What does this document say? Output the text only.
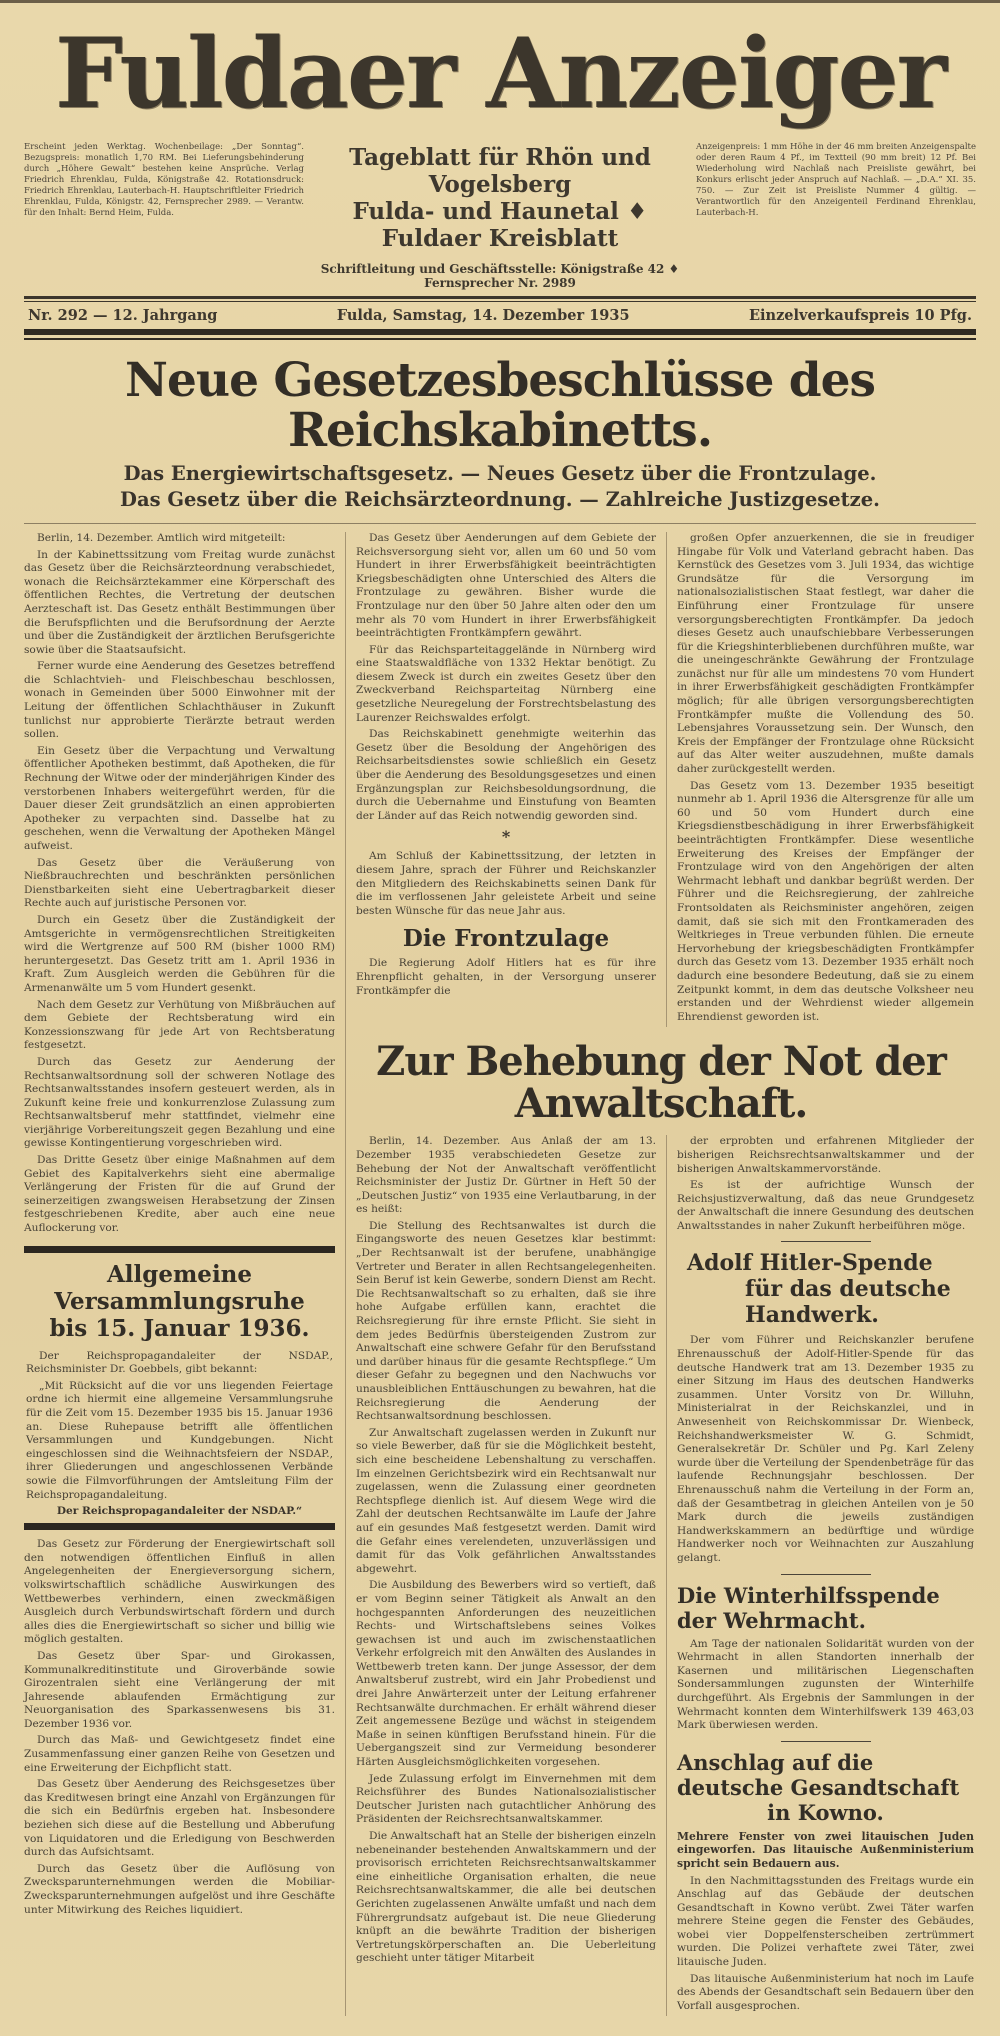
Fuldaer Anzeiger
Erscheint jeden Werktag. Wochenbeilage: „Der Sonntag“. Bezugspreis: monatlich 1,70 RM. Bei Lieferungsbehinderung durch „Höhere Gewalt“ bestehen keine Ansprüche. Verlag Friedrich Ehrenklau, Fulda, Königstraße 42. Rotationsdruck: Friedrich Ehrenklau, Lauterbach-H. Hauptschriftleiter Friedrich Ehrenklau, Fulda, Königstr. 42, Fernsprecher 2989. — Verantw. für den Inhalt: Bernd Heim, Fulda.
Tageblatt für Rhön und Vogelsberg
Fulda- und Haunetal ♦ Fuldaer Kreisblatt
Schriftleitung und Geschäftsstelle: Königstraße 42 ♦ Fernsprecher Nr. 2989
Anzeigenpreis: 1 mm Höhe in der 46 mm breiten Anzeigenspalte oder deren Raum 4 Pf., im Textteil (90 mm breit) 12 Pf. Bei Wiederholung wird Nachlaß nach Preisliste gewährt, bei Konkurs erlischt jeder Anspruch auf Nachlaß. — „D.A.“ XI. 35. 750. — Zur Zeit ist Preisliste Nummer 4 gültig. — Verantwortlich für den Anzeigenteil Ferdinand Ehrenklau, Lauterbach-H.
Nr. 292 — 12. Jahrgang	Fulda, Samstag, 14. Dezember 1935	Einzelverkaufspreis 10 Pfg.
Neue Gesetzesbeschlüsse des Reichskabinetts.
Das Energiewirtschaftsgesetz. — Neues Gesetz über die Frontzulage.
Das Gesetz über die Reichsärzteordnung. — Zahlreiche Justizgesetze.

Berlin, 14. Dezember. Amtlich wird mitgeteilt:

In der Kabinettssitzung vom Freitag wurde zunächst das Gesetz über die Reichsärzteordnung verabschiedet, wonach die Reichsärztekammer eine Körperschaft des öffentlichen Rechtes, die Vertretung der deutschen Aerzteschaft ist. Das Gesetz enthält Bestimmungen über die Berufspflichten und die Berufsordnung der Aerzte und über die Zuständigkeit der ärztlichen Berufsgerichte sowie über die Staatsaufsicht.

Ferner wurde eine Aenderung des Gesetzes betreffend die Schlachtvieh- und Fleischbeschau beschlossen, wonach in Gemeinden über 5000 Einwohner mit der Leitung der öffentlichen Schlachthäuser in Zukunft tunlichst nur approbierte Tierärzte betraut werden sollen.

Ein Gesetz über die Verpachtung und Verwaltung öffentlicher Apotheken bestimmt, daß Apotheken, die für Rechnung der Witwe oder der minderjährigen Kinder des verstorbenen Inhabers weitergeführt werden, für die Dauer dieser Zeit grundsätzlich an einen approbierten Apotheker zu verpachten sind. Dasselbe hat zu geschehen, wenn die Verwaltung der Apotheken Mängel aufweist.

Das Gesetz über die Veräußerung von Nießbrauchrechten und beschränkten persönlichen Dienstbarkeiten sieht eine Uebertragbarkeit dieser Rechte auch auf juristische Personen vor.

Durch ein Gesetz über die Zuständigkeit der Amtsgerichte in vermögensrechtlichen Streitigkeiten wird die Wertgrenze auf 500 RM (bisher 1000 RM) heruntergesetzt. Das Gesetz tritt am 1. April 1936 in Kraft. Zum Ausgleich werden die Gebühren für die Armenanwälte um 5 vom Hundert gesenkt.

Nach dem Gesetz zur Verhütung von Mißbräuchen auf dem Gebiete der Rechtsberatung wird ein Konzessionszwang für jede Art von Rechtsberatung festgesetzt.

Durch das Gesetz zur Aenderung der Rechtsanwaltsordnung soll der schweren Notlage des Rechtsanwaltsstandes insofern gesteuert werden, als in Zukunft keine freie und konkurrenzlose Zulassung zum Rechtsanwaltsberuf mehr stattfindet, vielmehr eine vierjährige Vorbereitungszeit gegen Bezahlung und eine gewisse Kontingentierung vorgeschrieben wird.

Das Dritte Gesetz über einige Maßnahmen auf dem Gebiet des Kapitalverkehrs sieht eine abermalige Verlängerung der Fristen für die auf Grund der seinerzeitigen zwangsweisen Herabsetzung der Zinsen festgeschriebenen Kredite, aber auch eine neue Auflockerung vor.

Allgemeine Versammlungsruhe
bis 15. Januar 1936.

Der Reichspropagandaleiter der NSDAP., Reichsminister Dr. Goebbels, gibt bekannt:

„Mit Rücksicht auf die vor uns liegenden Feiertage ordne ich hiermit eine allgemeine Versammlungsruhe für die Zeit vom 15. Dezember 1935 bis 15. Januar 1936 an. Diese Ruhepause betrifft alle öffentlichen Versammlungen und Kundgebungen. Nicht eingeschlossen sind die Weihnachtsfeiern der NSDAP., ihrer Gliederungen und angeschlossenen Verbände sowie die Filmvorführungen der Amtsleitung Film der Reichspropagandaleitung.

Der Reichspropagandaleiter der NSDAP.“

Das Gesetz zur Förderung der Energiewirtschaft soll den notwendigen öffentlichen Einfluß in allen Angelegenheiten der Energieversorgung sichern, volkswirtschaftlich schädliche Auswirkungen des Wettbewerbes verhindern, einen zweckmäßigen Ausgleich durch Verbundswirtschaft fördern und durch alles dies die Energiewirtschaft so sicher und billig wie möglich gestalten.

Das Gesetz über Spar- und Girokassen, Kommunalkreditinstitute und Giroverbände sowie Girozentralen sieht eine Verlängerung der mit Jahresende ablaufenden Ermächtigung zur Neuorganisation des Sparkassenwesens bis 31. Dezember 1936 vor.

Durch das Maß- und Gewichtgesetz findet eine Zusammenfassung einer ganzen Reihe von Gesetzen und eine Erweiterung der Eichpflicht statt.

Das Gesetz über Aenderung des Reichsgesetzes über das Kreditwesen bringt eine Anzahl von Ergänzungen für die sich ein Bedürfnis ergeben hat. Insbesondere beziehen sich diese auf die Bestellung und Abberufung von Liquidatoren und die Erledigung von Beschwerden durch das Aufsichtsamt.

Durch das Gesetz über die Auflösung von Zwecksparunternehmungen werden die Mobiliar-Zwecksparunternehmungen aufgelöst und ihre Geschäfte unter Mitwirkung des Reiches liquidiert.

Das Gesetz über Aenderungen auf dem Gebiete der Reichsversorgung sieht vor, allen um 60 und 50 vom Hundert in ihrer Erwerbsfähigkeit beeinträchtigten Kriegsbeschädigten ohne Unterschied des Alters die Frontzulage zu gewähren. Bisher wurde die Frontzulage nur den über 50 Jahre alten oder den um mehr als 70 vom Hundert in ihrer Erwerbsfähigkeit beeinträchtigten Frontkämpfern gewährt.

Für das Reichsparteitaggelände in Nürnberg wird eine Staatswaldfläche von 1332 Hektar benötigt. Zu diesem Zweck ist durch ein zweites Gesetz über den Zweckverband Reichsparteitag Nürnberg eine gesetzliche Neuregelung der Forstrechtsbelastung des Laurenzer Reichswaldes erfolgt.

Das Reichskabinett genehmigte weiterhin das Gesetz über die Besoldung der Angehörigen des Reichsarbeitsdienstes sowie schließlich ein Gesetz über die Aenderung des Besoldungsgesetzes und einen Ergänzungsplan zur Reichsbesoldungsordnung, die durch die Uebernahme und Einstufung von Beamten der Länder auf das Reich notwendig geworden sind.

*

Am Schluß der Kabinettssitzung, der letzten in diesem Jahre, sprach der Führer und Reichskanzler den Mitgliedern des Reichskabinetts seinen Dank für die im verflossenen Jahr geleistete Arbeit und seine besten Wünsche für das neue Jahr aus.

Die Frontzulage

Die Regierung Adolf Hitlers hat es für ihre Ehrenpflicht gehalten, in der Versorgung unserer Frontkämpfer die

großen Opfer anzuerkennen, die sie in freudiger Hingabe für Volk und Vaterland gebracht haben. Das Kernstück des Gesetzes vom 3. Juli 1934, das wichtige Grundsätze für die Versorgung im nationalsozialistischen Staat festlegt, war daher die Einführung einer Frontzulage für unsere versorgungsberechtigten Frontkämpfer. Da jedoch dieses Gesetz auch unaufschiebbare Verbesserungen für die Kriegshinterbliebenen durchführen mußte, war die uneingeschränkte Gewährung der Frontzulage zunächst nur für alle um mindestens 70 vom Hundert in ihrer Erwerbsfähigkeit geschädigten Frontkämpfer möglich; für alle übrigen versorgungsberechtigten Frontkämpfer mußte die Vollendung des 50. Lebensjahres Voraussetzung sein. Der Wunsch, den Kreis der Empfänger der Frontzulage ohne Rücksicht auf das Alter weiter auszudehnen, mußte damals daher zurückgestellt werden.

Das Gesetz vom 13. Dezember 1935 beseitigt nunmehr ab 1. April 1936 die Altersgrenze für alle um 60 und 50 vom Hundert durch eine Kriegsdienstbeschädigung in ihrer Erwerbsfähigkeit beeinträchtigten Frontkämpfer. Diese wesentliche Erweiterung des Kreises der Empfänger der Frontzulage wird von den Angehörigen der alten Wehrmacht lebhaft und dankbar begrüßt werden. Der Führer und die Reichsregierung, der zahlreiche Frontsoldaten als Reichsminister angehören, zeigen damit, daß sie sich mit den Frontkameraden des Weltkrieges in Treue verbunden fühlen. Die erneute Hervorhebung der kriegsbeschädigten Frontkämpfer durch das Gesetz vom 13. Dezember 1935 erhält noch dadurch eine besondere Bedeutung, daß sie zu einem Zeitpunkt kommt, in dem das deutsche Volksheer neu erstanden und der Wehrdienst wieder allgemein Ehrendienst geworden ist.

Zur Behebung der Not der Anwaltschaft.

Berlin, 14. Dezember. Aus Anlaß der am 13. Dezember 1935 verabschiedeten Gesetze zur Behebung der Not der Anwaltschaft veröffentlicht Reichsminister der Justiz Dr. Gürtner in Heft 50 der „Deutschen Justiz“ von 1935 eine Verlautbarung, in der es heißt:

Die Stellung des Rechtsanwaltes ist durch die Eingangsworte des neuen Gesetzes klar bestimmt: „Der Rechtsanwalt ist der berufene, unabhängige Vertreter und Berater in allen Rechtsangelegenheiten. Sein Beruf ist kein Gewerbe, sondern Dienst am Recht. Die Rechtsanwaltschaft so zu erhalten, daß sie ihre hohe Aufgabe erfüllen kann, erachtet die Reichsregierung für ihre ernste Pflicht. Sie sieht in dem jedes Bedürfnis übersteigenden Zustrom zur Anwaltschaft eine schwere Gefahr für den Berufsstand und darüber hinaus für die gesamte Rechtspflege.“ Um dieser Gefahr zu begegnen und den Nachwuchs vor unausbleiblichen Enttäuschungen zu bewahren, hat die Reichsregierung die Aenderung der Rechtsanwaltsordnung beschlossen.

Zur Anwaltschaft zugelassen werden in Zukunft nur so viele Bewerber, daß für sie die Möglichkeit besteht, sich eine bescheidene Lebenshaltung zu verschaffen. Im einzelnen Gerichtsbezirk wird ein Rechtsanwalt nur zugelassen, wenn die Zulassung einer geordneten Rechtspflege dienlich ist. Auf diesem Wege wird die Zahl der deutschen Rechtsanwälte im Laufe der Jahre auf ein gesundes Maß festgesetzt werden. Damit wird die Gefahr eines verelendeten, unzuverlässigen und damit für das Volk gefährlichen Anwaltsstandes abgewehrt.

Die Ausbildung des Bewerbers wird so vertieft, daß er vom Beginn seiner Tätigkeit als Anwalt an den hochgespannten Anforderungen des neuzeitlichen Rechts- und Wirtschaftslebens seines Volkes gewachsen ist und auch im zwischenstaatlichen Verkehr erfolgreich mit den Anwälten des Auslandes in Wettbewerb treten kann. Der junge Assessor, der dem Anwaltsberuf zustrebt, wird ein Jahr Probedienst und drei Jahre Anwärterzeit unter der Leitung erfahrener Rechtsanwälte durchmachen. Er erhält während dieser Zeit angemessene Bezüge und wächst in steigendem Maße in seinen künftigen Berufsstand hinein. Für die Uebergangszeit sind zur Vermeidung besonderer Härten Ausgleichsmöglichkeiten vorgesehen.

Jede Zulassung erfolgt im Einvernehmen mit dem Reichsführer des Bundes Nationalsozialistischer Deutscher Juristen nach gutachtlicher Anhörung des Präsidenten der Reichsrechtsanwaltskammer.

Die Anwaltschaft hat an Stelle der bisherigen einzeln nebeneinander bestehenden Anwaltskammern und der provisorisch errichteten Reichsrechtsanwaltskammer eine einheitliche Organisation erhalten, die neue Reichsrechtsanwaltskammer, die alle bei deutschen Gerichten zugelassenen Anwälte umfaßt und nach dem Führergrundsatz aufgebaut ist. Die neue Gliederung knüpft an die bewährte Tradition der bisherigen Vertretungskörperschaften an. Die Ueberleitung geschieht unter tätiger Mitarbeit

der erprobten und erfahrenen Mitglieder der bisherigen Reichsrechtsanwaltskammer und der bisherigen Anwaltskammervorstände.

Es ist der aufrichtige Wunsch der Reichsjustizverwaltung, daß das neue Grundgesetz der Anwaltschaft die innere Gesundung des deutschen Anwaltsstandes in naher Zukunft herbeiführen möge.

Adolf Hitler-Spende
für das deutsche Handwerk.

Der vom Führer und Reichskanzler berufene Ehrenausschuß der Adolf-Hitler-Spende für das deutsche Handwerk trat am 13. Dezember 1935 zu einer Sitzung im Haus des deutschen Handwerks zusammen. Unter Vorsitz von Dr. Willuhn, Ministerialrat in der Reichskanzlei, und in Anwesenheit von Reichskommissar Dr. Wienbeck, Reichshandwerksmeister W. G. Schmidt, Generalsekretär Dr. Schüler und Pg. Karl Zeleny wurde über die Verteilung der Spendenbeträge für das laufende Rechnungsjahr beschlossen. Der Ehrenausschuß nahm die Verteilung in der Form an, daß der Gesamtbetrag in gleichen Anteilen von je 50 Mark durch die jeweils zuständigen Handwerkskammern an bedürftige und würdige Handwerker noch vor Weihnachten zur Auszahlung gelangt.

Die Winterhilfsspende der Wehrmacht.

Am Tage der nationalen Solidarität wurden von der Wehrmacht in allen Standorten innerhalb der Kasernen und militärischen Liegenschaften Sondersammlungen zugunsten der Winterhilfe durchgeführt. Als Ergebnis der Sammlungen in der Wehrmacht konnten dem Winterhilfswerk 139 463,03 Mark überwiesen werden.

Anschlag auf die deutsche Gesandtschaft
in Kowno.
Mehrere Fenster von zwei litauischen Juden eingeworfen. Das litauische Außenministerium spricht sein Bedauern aus.

In den Nachmittagsstunden des Freitags wurde ein Anschlag auf das Gebäude der deutschen Gesandtschaft in Kowno verübt. Zwei Täter warfen mehrere Steine gegen die Fenster des Gebäudes, wobei vier Doppelfensterscheiben zertrümmert wurden. Die Polizei verhaftete zwei Täter, zwei litauische Juden.

Das litauische Außenministerium hat noch im Laufe des Abends der Gesandtschaft sein Bedauern über den Vorfall ausgesprochen.
